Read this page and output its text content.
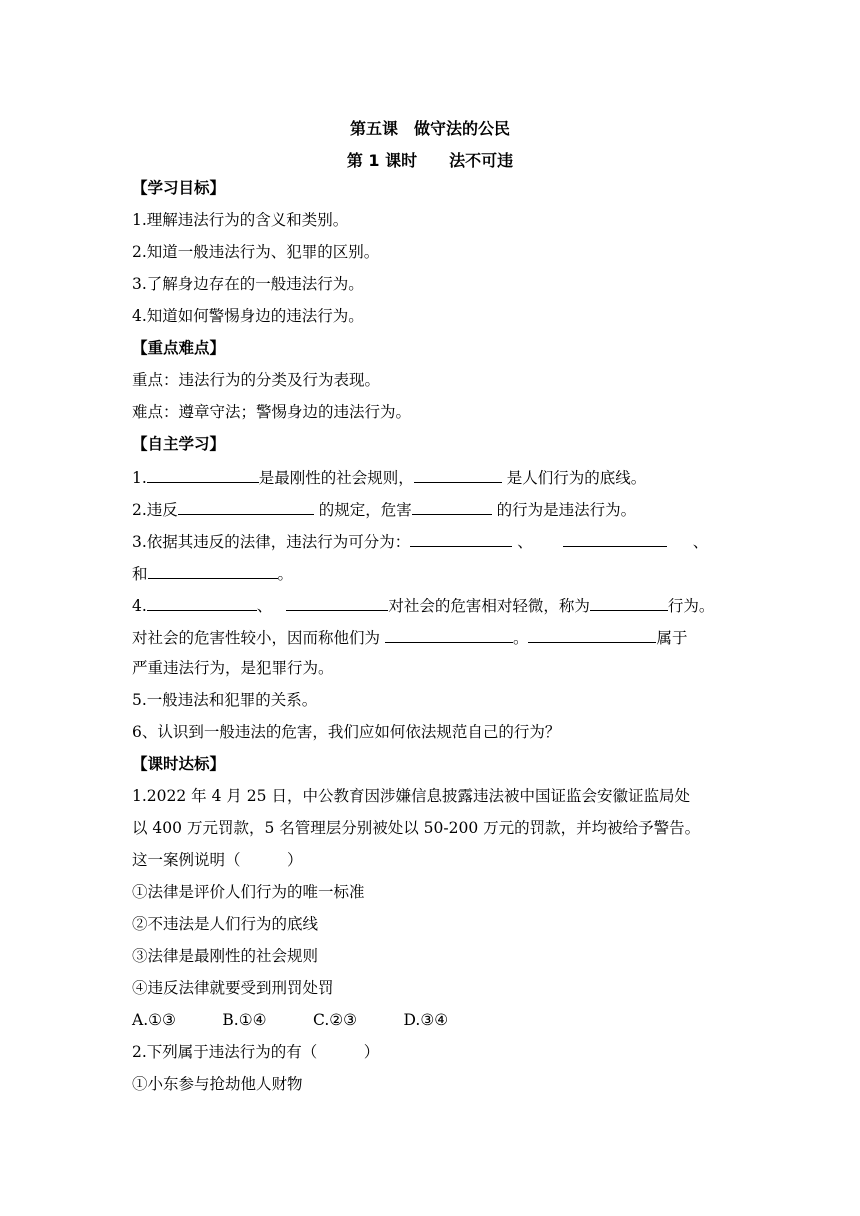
第五课　做守法的公民
第 1 课时　　法不可违
【学习目标】
1.理解违法行为的含义和类别。
2.知道一般违法行为、犯罪的区别。
3.了解身边存在的一般违法行为。
4.知道如何警惕身边的违法行为。
【重点难点】
重点：违法行为的分类及行为表现。
难点：遵章守法；警惕身边的违法行为。
【自主学习】
1.	是最刚性的社会规则，	是人们行为的底线。
2.违反	的规定，危害	的行为是违法行为。
3.依据其违反的法律，违法行为可分为：	、	、
和	。
4.	、	对社会的危害相对轻微，称为	行为。
对社会的危害性较小，因而称他们为	。	属于
严重违法行为，是犯罪行为。
5.一般违法和犯罪的关系。
6、认识到一般违法的危害，我们应如何依法规范自己的行为？
【课时达标】
1.2022 年 4 月 25 日，中公教育因涉嫌信息披露违法被中国证监会安徽证监局处
以 400 万元罚款，5 名管理层分别被处以 50-200 万元的罚款，并均被给予警告。
这一案例说明（　　　）
①法律是评价人们行为的唯一标准
②不违法是人们行为的底线
③法律是最刚性的社会规则
④违反法律就要受到刑罚处罚
A.①③　　　B.①④　　　C.②③　　　D.③④
2.下列属于违法行为的有（　　　）
①小东参与抢劫他人财物
